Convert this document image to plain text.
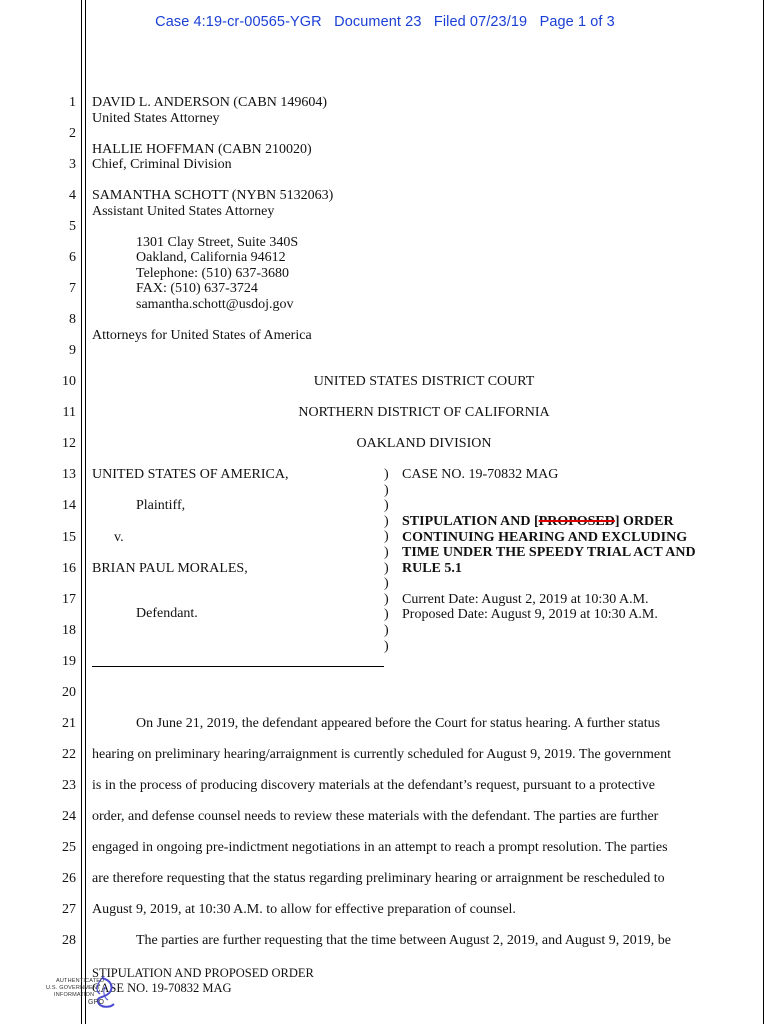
Case 4:19-cr-00565-YGR Document 23 Filed 07/23/19 Page 1 of 3
1
2
3
4
5
6
7
8
9
10
11
12
13
14
15
16
17
18
19
20
21
22
23
24
25
26
27
28
DAVID L. ANDERSON (CABN 149604)
United States Attorney
HALLIE HOFFMAN (CABN 210020)
Chief, Criminal Division
SAMANTHA SCHOTT (NYBN 5132063)
Assistant United States Attorney
1301 Clay Street, Suite 340S
Oakland, California 94612
Telephone: (510) 637-3680
FAX: (510) 637-3724
samantha.schott@usdoj.gov
Attorneys for United States of America
UNITED STATES DISTRICT COURT
NORTHERN DISTRICT OF CALIFORNIA
OAKLAND DIVISION
UNITED STATES OF AMERICA,
Plaintiff,
v.
BRIAN PAUL MORALES,
Defendant.
)
)
)
)
)
)
)
)
)
)
)
)
CASE NO. 19-70832 MAG
STIPULATION AND [PROPOSED] ORDER
CONTINUING HEARING AND EXCLUDING
TIME UNDER THE SPEEDY TRIAL ACT AND
RULE 5.1
Current Date: August 2, 2019 at 10:30 A.M.
Proposed Date: August 9, 2019 at 10:30 A.M.
On June 21, 2019, the defendant appeared before the Court for status hearing. A further status
hearing on preliminary hearing/arraignment is currently scheduled for August 9, 2019. The government
is in the process of producing discovery materials at the defendant’s request, pursuant to a protective
order, and defense counsel needs to review these materials with the defendant. The parties are further
engaged in ongoing pre-indictment negotiations in an attempt to reach a prompt resolution. The parties
are therefore requesting that the status regarding preliminary hearing or arraignment be rescheduled to
August 9, 2019, at 10:30 A.M. to allow for effective preparation of counsel.
The parties are further requesting that the time between August 2, 2019, and August 9, 2019, be
STIPULATION AND PROPOSED ORDER
CASE NO. 19-70832 MAG
AUTHENTICATED
U.S. GOVERNMENT
INFORMATION
GPO
